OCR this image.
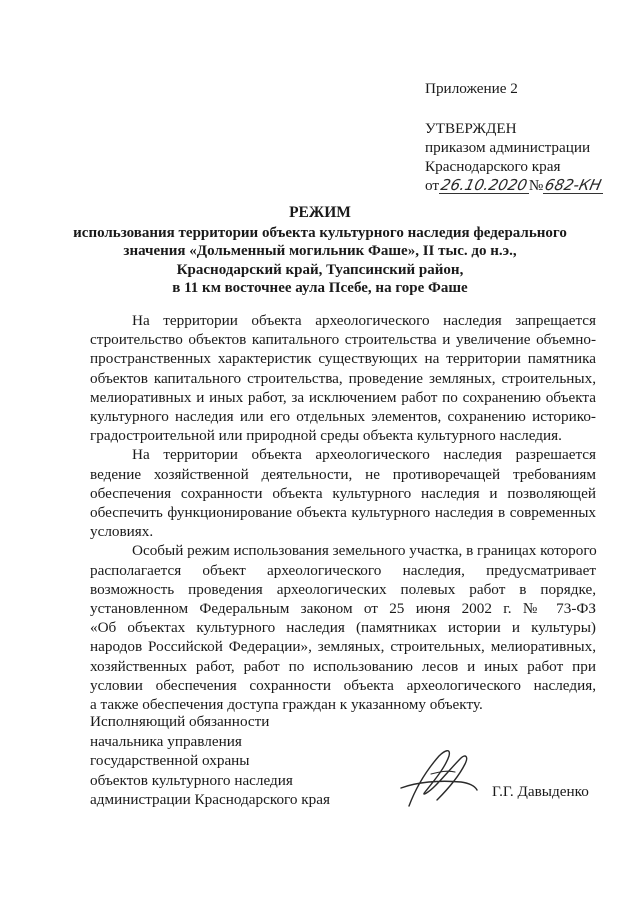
Приложение 2
УТВЕРЖДЕН
приказом администрации
Краснодарского края
от26.10.2020№682-КН
РЕЖИМ
использования территории объекта культурного наследия федерального
значения «Дольменный могильник Фаше», II тыс. до н.э.,
Краснодарский край, Туапсинский район,
в 11 км восточнее аула Псебе, на горе Фаше
На территории объекта археологического наследия запрещается
строительство объектов капитального строительства и увеличение объемно-
пространственных характеристик существующих на территории памятника
объектов капитального строительства, проведение земляных, строительных,
мелиоративных и иных работ, за исключением работ по сохранению объекта
культурного наследия или его отдельных элементов, сохранению историко-
градостроительной или природной среды объекта культурного наследия.
На территории объекта археологического наследия разрешается
ведение хозяйственной деятельности, не противоречащей требованиям
обеспечения сохранности объекта культурного наследия и позволяющей
обеспечить функционирование объекта культурного наследия в современных
условиях.
Особый режим использования земельного участка, в границах которого
располагается объект археологического наследия, предусматривает
возможность проведения археологических полевых работ в порядке,
установленном Федеральным законом от 25 июня 2002 г. № 73-ФЗ
«Об объектах культурного наследия (памятниках истории и культуры)
народов Российской Федерации», земляных, строительных, мелиоративных,
хозяйственных работ, работ по использованию лесов и иных работ при
условии обеспечения сохранности объекта археологического наследия,
а также обеспечения доступа граждан к указанному объекту.
Исполняющий обязанности
начальника управления
государственной охраны
объектов культурного наследия
администрации Краснодарского края	Г.Г. Давыденко
